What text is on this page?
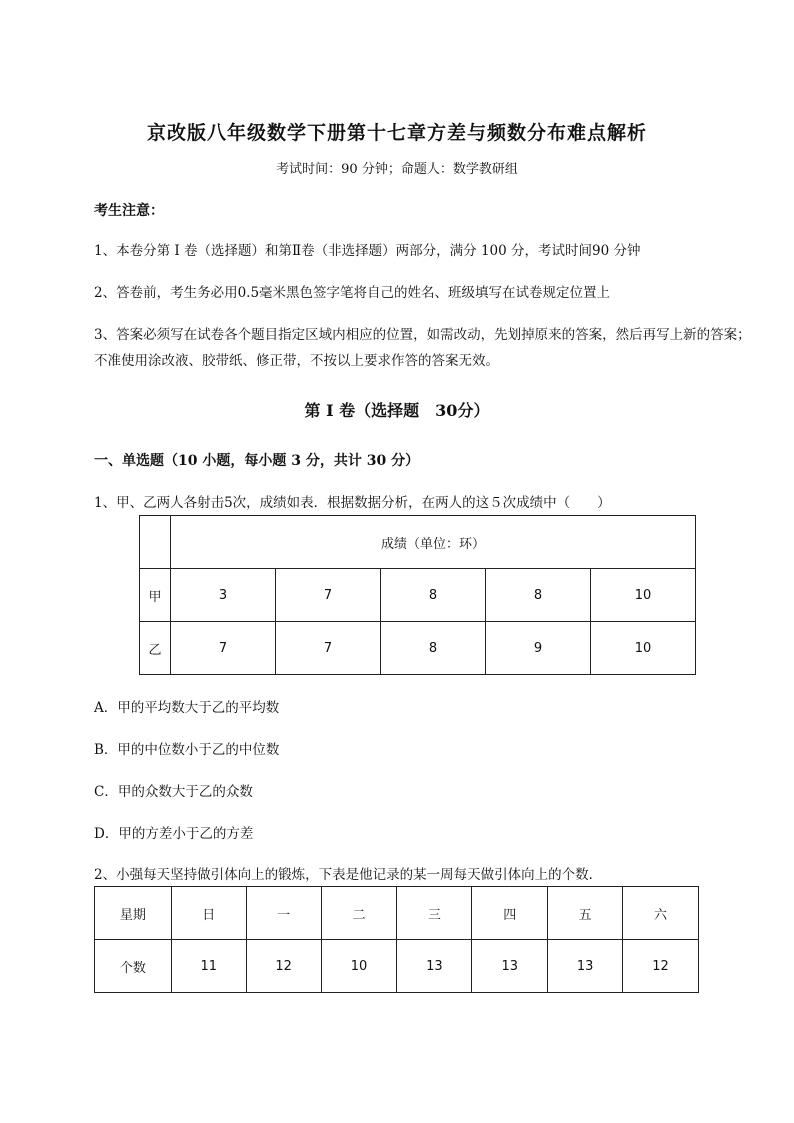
京改版八年级数学下册第十七章方差与频数分布难点解析
考试时间：90 分钟；命题人：数学教研组
考生注意：
1、本卷分第 I 卷（选择题）和第Ⅱ卷（非选择题）两部分，满分 100 分，考试时间90 分钟
2、答卷前，考生务必用0.5毫米黑色签字笔将自己的姓名、班级填写在试卷规定位置上
3、答案必须写在试卷各个题目指定区域内相应的位置，如需改动，先划掉原来的答案，然后再写上新的答案；不准使用涂改液、胶带纸、修正带，不按以上要求作答的答案无效。
第 I 卷（选择题　30分）
一、单选题（10 小题，每小题 3 分，共计 30 分）
1、甲、乙两人各射击5次，成绩如表．根据数据分析，在两人的这５次成绩中（　　）
	成绩（单位：环）				
甲	3	7	8	8	10
乙	7	7	8	9	10
A．甲的平均数大于乙的平均数
B．甲的中位数小于乙的中位数
C．甲的众数大于乙的众数
D．甲的方差小于乙的方差
2、小强每天坚持做引体向上的锻炼，下表是他记录的某一周每天做引体向上的个数．
星期	日	一	二	三	四	五	六
个数	11	12	10	13	13	13	12
